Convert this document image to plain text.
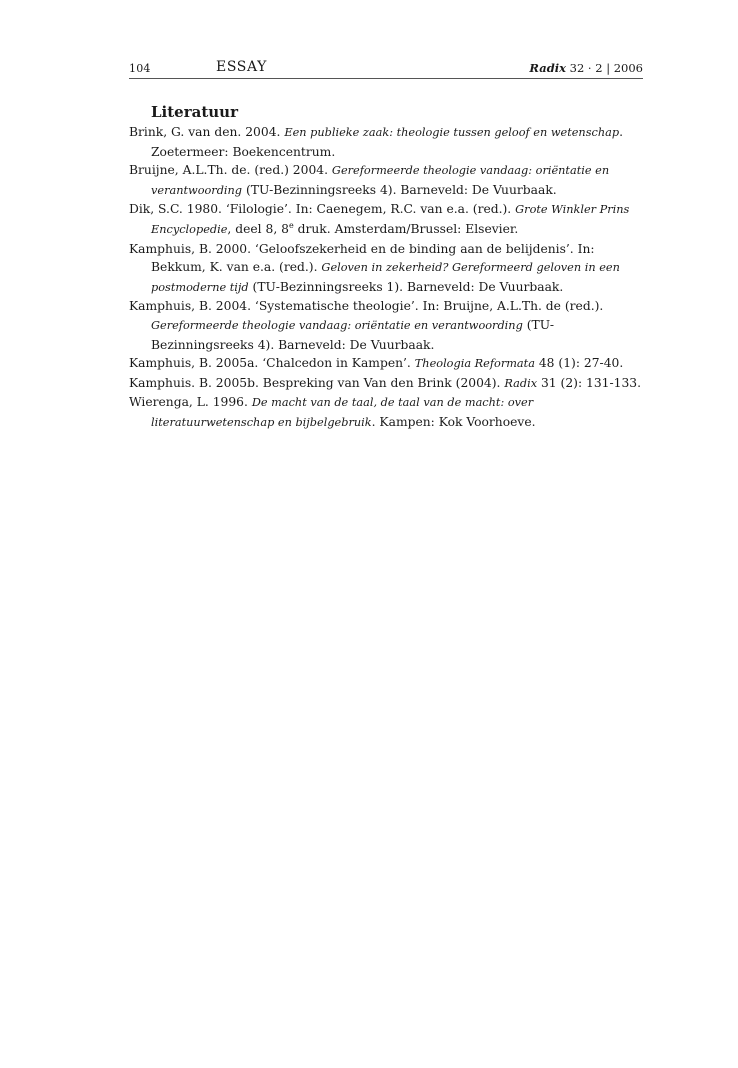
104	ESSAY	Radix 32 · 2 | 2006
Literatuur
Brink, G. van den. 2004. Een publieke zaak: theologie tussen geloof en wetenschap. Zoetermeer: Boekencentrum.
Bruijne, A.L.Th. de. (red.) 2004. Gereformeerde theologie vandaag: oriëntatie en verantwoording (TU-Bezinningsreeks 4). Barneveld: De Vuurbaak.
Dik, S.C. 1980. ‘Filologie’. In: Caenegem, R.C. van e.a. (red.). Grote Winkler Prins Encyclopedie, deel 8, 8e druk. Amsterdam/Brussel: Elsevier.
Kamphuis, B. 2000. ‘Geloofszekerheid en de binding aan de belijdenis’. In: Bekkum, K. van e.a. (red.). Geloven in zekerheid? Gereformeerd geloven in een postmoderne tijd (TU-Bezinningsreeks 1). Barneveld: De Vuurbaak.
Kamphuis, B. 2004. ‘Systematische theologie’. In: Bruijne, A.L.Th. de (red.). Gereformeerde theologie vandaag: oriëntatie en verantwoording (TU-Bezinningsreeks 4). Barneveld: De Vuurbaak.
Kamphuis, B. 2005a. ‘Chalcedon in Kampen’. Theologia Reformata 48 (1): 27-40.
Kamphuis. B. 2005b. Bespreking van Van den Brink (2004). Radix 31 (2): 131-133.
Wierenga, L. 1996. De macht van de taal, de taal van de macht: over literatuurwetenschap en bijbelgebruik. Kampen: Kok Voorhoeve.
